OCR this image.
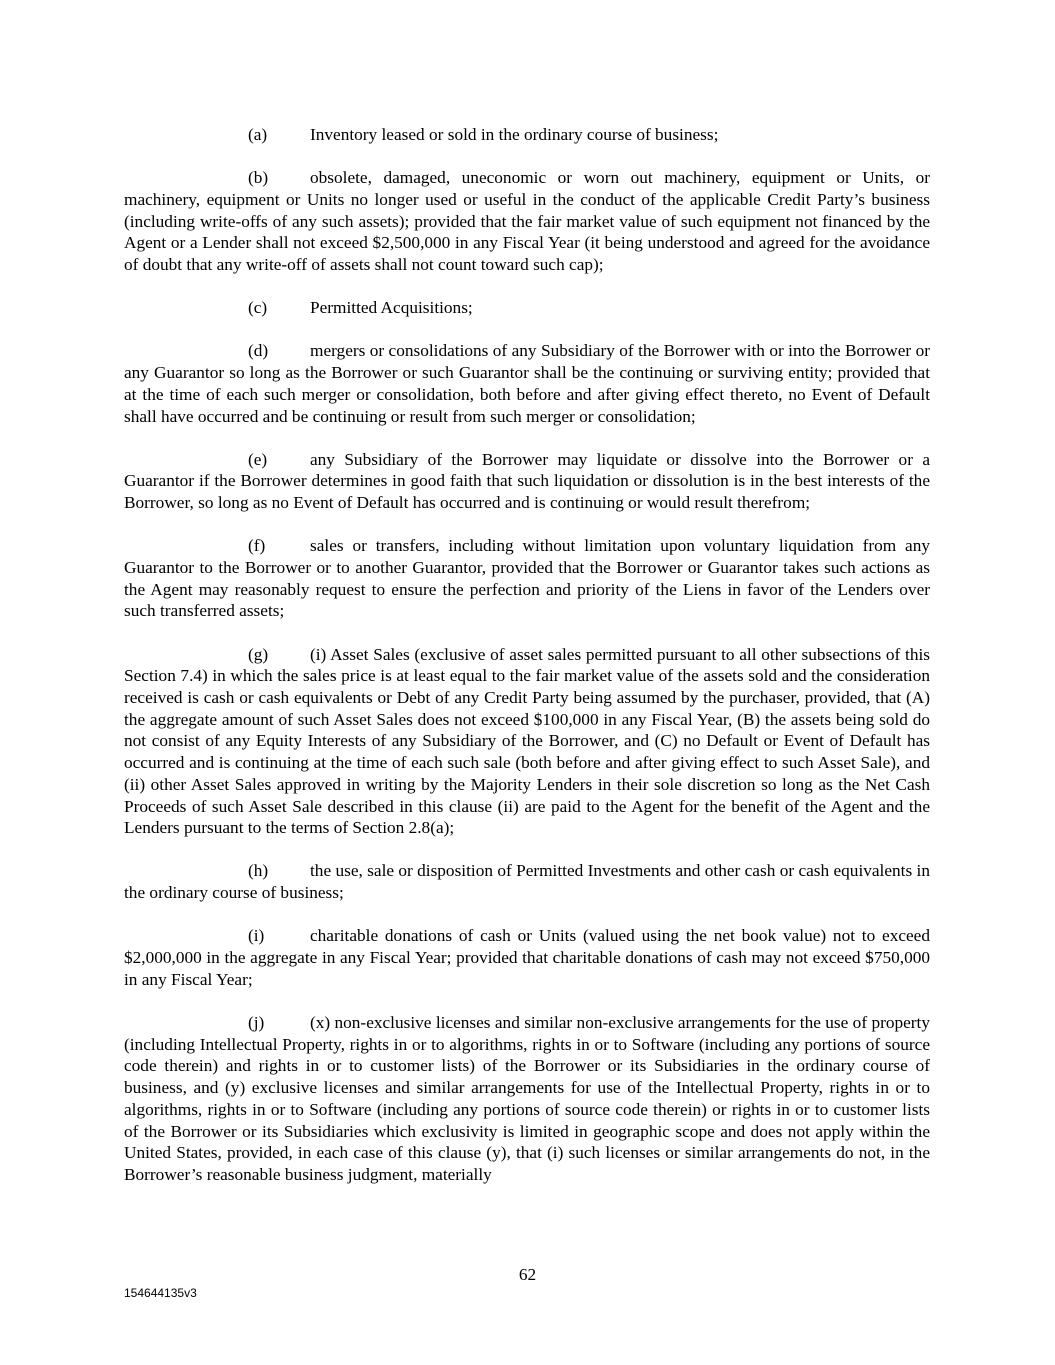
(a) Inventory leased or sold in the ordinary course of business;

(b) obsolete, damaged, uneconomic or worn out machinery, equipment or Units, or machinery, equipment or Units no longer used or useful in the conduct of the applicable Credit Party’s business (including write-offs of any such assets); provided that the fair market value of such equipment not financed by the Agent or a Lender shall not exceed $2,500,000 in any Fiscal Year (it being understood and agreed for the avoidance of doubt that any write-off of assets shall not count toward such cap);

(c) Permitted Acquisitions;

(d) mergers or consolidations of any Subsidiary of the Borrower with or into the Borrower or any Guarantor so long as the Borrower or such Guarantor shall be the continuing or surviving entity; provided that at the time of each such merger or consolidation, both before and after giving effect thereto, no Event of Default shall have occurred and be continuing or result from such merger or consolidation;

(e) any Subsidiary of the Borrower may liquidate or dissolve into the Borrower or a Guarantor if the Borrower determines in good faith that such liquidation or dissolution is in the best interests of the Borrower, so long as no Event of Default has occurred and is continuing or would result therefrom;

(f)	sales or transfers, including without limitation upon voluntary liquidation from any Guarantor to the Borrower or to another Guarantor, provided that the Borrower or Guarantor takes such actions as the Agent may reasonably request to ensure the perfection and priority of the Liens in favor of the Lenders over such transferred assets;

(g) (i) Asset Sales (exclusive of asset sales permitted pursuant to all other subsections of this Section 7.4) in which the sales price is at least equal to the fair market value of the assets sold and the consideration received is cash or cash equivalents or Debt of any Credit Party being assumed by the purchaser, provided, that (A) the aggregate amount of such Asset Sales does not exceed $100,000 in any Fiscal Year, (B) the assets being sold do not consist of any Equity Interests of any Subsidiary of the Borrower, and (C) no Default or Event of Default has occurred and is continuing at the time of each such sale (both before and after giving effect to such Asset Sale), and (ii) other Asset Sales approved in writing by the Majority Lenders in their sole discretion so long as the Net Cash Proceeds of such Asset Sale described in this clause (ii) are paid to the Agent for the benefit of the Agent and the Lenders pursuant to the terms of Section 2.8(a);

(h) the use, sale or disposition of Permitted Investments and other cash or cash equivalents in the ordinary course of business;

(i)	charitable donations of cash or Units (valued using the net book value) not to exceed $2,000,000 in the aggregate in any Fiscal Year; provided that charitable donations of cash may not exceed $750,000 in any Fiscal Year;

(j)	(x) non-exclusive licenses and similar non-exclusive arrangements for the use of property (including Intellectual Property, rights in or to algorithms, rights in or to Software (including any portions of source code therein) and rights in or to customer lists) of the Borrower or its Subsidiaries in the ordinary course of business, and (y) exclusive licenses and similar arrangements for use of the Intellectual Property, rights in or to algorithms, rights in or to Software (including any portions of source code therein) or rights in or to customer lists of the Borrower or its Subsidiaries which exclusivity is limited in geographic scope and does not apply within the United States, provided, in each case of this clause (y), that (i) such licenses or similar arrangements do not, in the Borrower’s reasonable business judgment, materially

62
154644135v3
